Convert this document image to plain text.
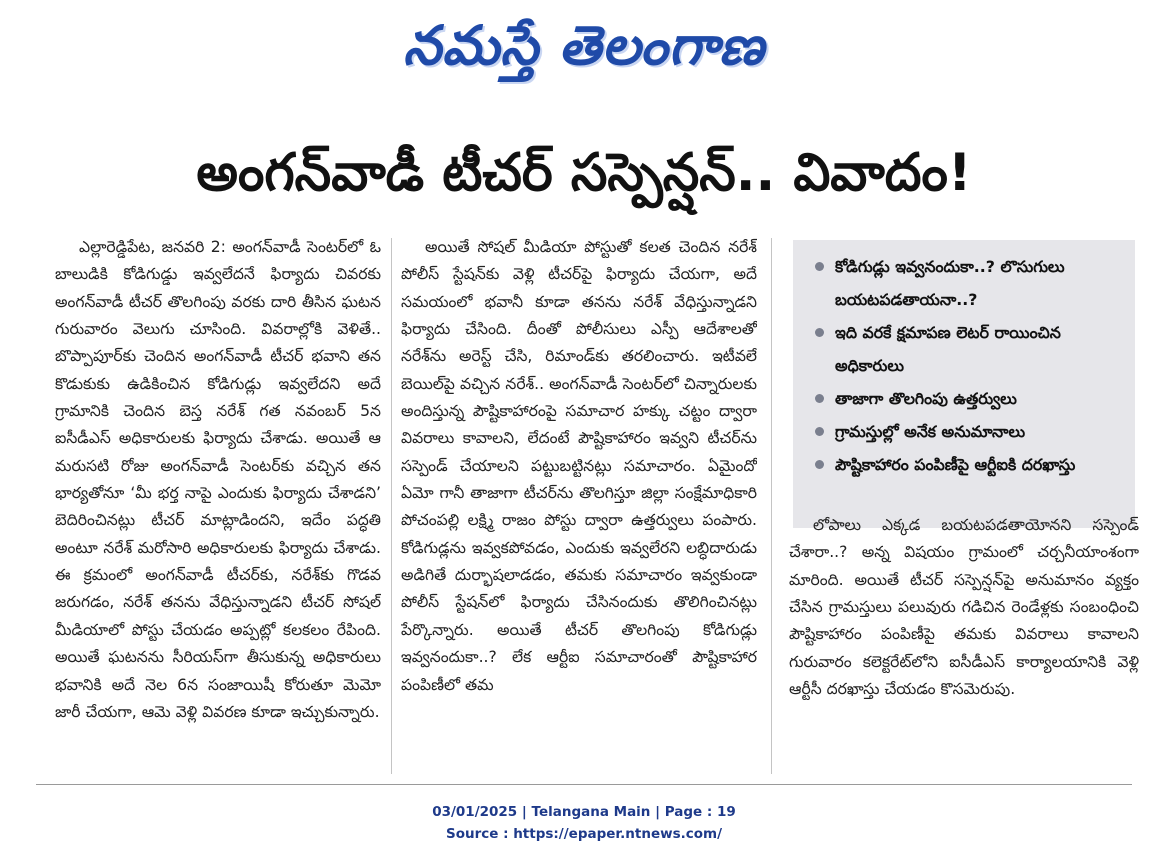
నమస్తే తెలంగాణ
అంగన్‌వాడీ టీచర్ సస్పెన్షన్.. వివాదం!

ఎల్లారెడ్డిపేట, జనవరి 2: అంగన్‌వాడీ సెంటర్‌లో ఓ బాలుడికి కోడిగుడ్డు ఇవ్వలేదనే ఫిర్యాదు చివరకు అంగన్‌వాడీ టీచర్ తొలగింపు వరకు దారి తీసిన ఘటన గురువారం వెలుగు చూసింది. వివరాల్లోకి వెళితే.. బొప్పాపూర్‌కు చెందిన అంగన్‌వాడీ టీచర్ భవాని తన కొడుకుకు ఉడికించిన కోడిగుడ్లు ఇవ్వలేదని అదే గ్రామానికి చెందిన బెస్త నరేశ్ గత నవంబర్ 5న ఐసీడీఎస్ అధికారులకు ఫిర్యాదు చేశాడు. అయితే ఆ మరుసటి రోజు అంగన్‌వాడీ సెంటర్‌కు వచ్చిన తన భార్యతోనూ ‘మీ భర్త నాపై ఎందుకు ఫిర్యాదు చేశాడని’ బెదిరించినట్లు టీచర్ మాట్లాడిందని, ఇదేం పద్ధతి అంటూ నరేశ్ మరోసారి అధికారులకు ఫిర్యాదు చేశాడు. ఈ క్రమంలో అంగన్‌వాడీ టీచర్‌కు, నరేశ్‌కు గొడవ జరుగడం, నరేశ్ తనను వేధిస్తున్నాడని టీచర్ సోషల్ మీడియాలో పోస్టు చేయడం అప్పట్లో కలకలం రేపింది. అయితే ఘటనను సీరియస్‌గా తీసుకున్న అధికారులు భవానికి అదే నెల 6న సంజాయిషీ కోరుతూ మెమో జారీ చేయగా, ఆమె వెళ్లి వివరణ కూడా ఇచ్చుకున్నారు.

అయితే సోషల్ మీడియా పోస్టుతో కలత చెందిన నరేశ్ పోలీస్ స్టేషన్‌కు వెళ్లి టీచర్‌పై ఫిర్యాదు చేయగా, అదే సమయంలో భవానీ కూడా తనను నరేశ్ వేధిస్తున్నాడని ఫిర్యాదు చేసింది. దీంతో పోలీసులు ఎస్పీ ఆదేశాలతో నరేశ్‌ను అరెస్ట్ చేసి, రిమాండ్‌కు తరలించారు. ఇటీవలే బెయిల్‌పై వచ్చిన నరేశ్.. అంగన్‌వాడీ సెంటర్‌లో చిన్నారులకు అందిస్తున్న పౌష్టికాహారంపై సమాచార హక్కు చట్టం ద్వారా వివరాలు కావాలని, లేదంటే పౌష్టికాహారం ఇవ్వని టీచర్‌ను సస్పెండ్ చేయాలని పట్టుబట్టినట్లు సమాచారం. ఏమైందో ఏమో గానీ తాజాగా టీచర్‌ను తొలగిస్తూ జిల్లా సంక్షేమాధికారి పోచంపల్లి లక్ష్మి రాజం పోస్టు ద్వారా ఉత్తర్వులు పంపారు. కోడిగుడ్లను ఇవ్వకపోవడం, ఎందుకు ఇవ్వలేరని లబ్ధిదారుడు అడిగితే దుర్భాషలాడడం, తమకు సమాచారం ఇవ్వకుండా పోలీస్ స్టేషన్‌లో ఫిర్యాదు చేసినందుకు తొలిగించినట్లు పేర్కొన్నారు. అయితే టీచర్ తొలగింపు కోడిగుడ్లు ఇవ్వనందుకా..? లేక ఆర్టీఐ సమాచారంతో పౌష్టికాహార పంపిణీలో తమ

కోడిగుడ్లు ఇవ్వనందుకా..? లొసుగులు బయటపడతాయనా..?
ఇది వరకే క్షమాపణ లెటర్ రాయించిన అధికారులు
తాజాగా తొలగింపు ఉత్తర్వులు
గ్రామస్తుల్లో అనేక అనుమానాలు
పౌష్టికాహారం పంపిణీపై ఆర్టీఐకి దరఖాస్తు

లోపాలు ఎక్కడ బయటపడతాయోనని సస్పెండ్ చేశారా..? అన్న విషయం గ్రామంలో చర్చనీయాంశంగా మారింది. అయితే టీచర్ సస్పెన్షన్‌పై అనుమానం వ్యక్తం చేసిన గ్రామస్తులు పలువురు గడిచిన రెండేళ్లకు సంబంధించి పౌష్టికాహారం పంపిణీపై తమకు వివరాలు కావాలని గురువారం కలెక్టరేట్‌లోని ఐసీడీఎస్ కార్యాలయానికి వెళ్లి ఆర్టీసీ దరఖాస్తు చేయడం కొసమెరుపు.

03/01/2025 | Telangana Main | Page : 19
Source : https://epaper.ntnews.com/
